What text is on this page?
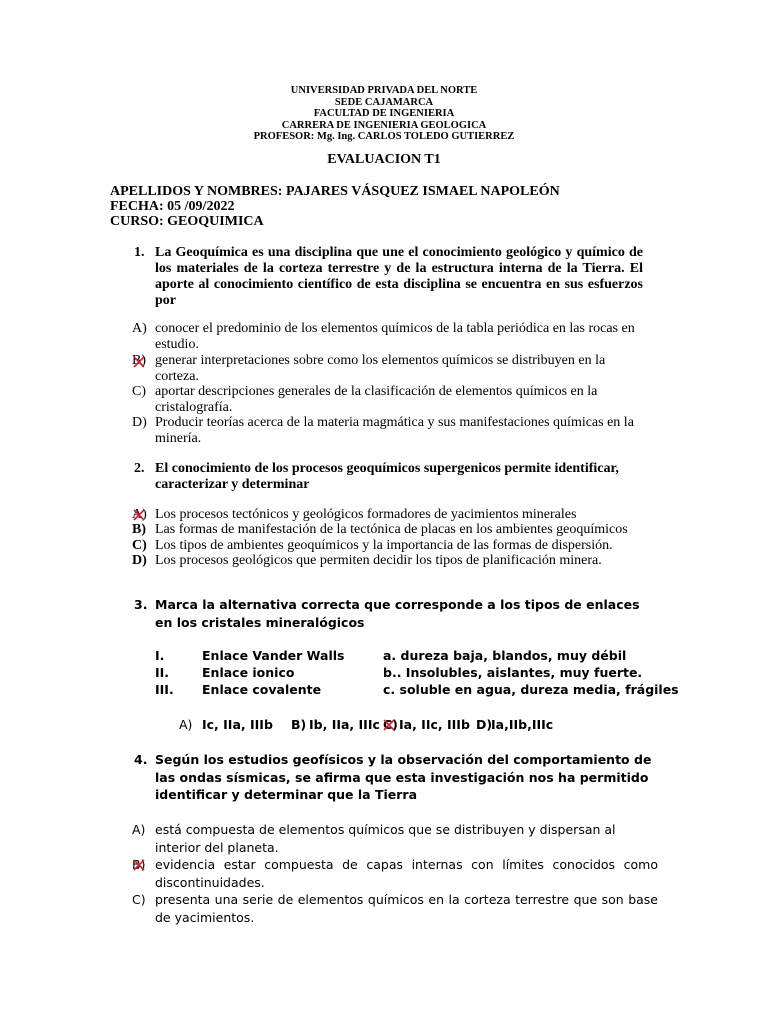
UNIVERSIDAD PRIVADA DEL NORTE
SEDE CAJAMARCA
FACULTAD DE INGENIERIA
CARRERA DE INGENIERIA GEOLOGICA
PROFESOR: Mg. Ing. CARLOS TOLEDO GUTIERREZ
EVALUACION T1
APELLIDOS Y NOMBRES: PAJARES VÁSQUEZ ISMAEL NAPOLEÓN
FECHA: 05 /09/2022
CURSO: GEOQUIMICA
1. La Geoquímica es una disciplina que une el conocimiento geológico y químico de los materiales de la corteza terrestre y de la estructura interna de la Tierra. El aporte al conocimiento científico de esta disciplina se encuentra en sus esfuerzos por
A) conocer el predominio de los elementos químicos de la tabla periódica en las rocas en estudio.
B) generar interpretaciones sobre como los elementos químicos se distribuyen en la corteza.
C) aportar descripciones generales de la clasificación de elementos químicos en la cristalografía.
D) Producir teorías acerca de la materia magmática y sus manifestaciones químicas en la minería.
2. El conocimiento de los procesos geoquímicos supergenicos permite identificar, caracterizar y determinar
A) Los procesos tectónicos y geológicos formadores de yacimientos minerales
B) Las formas de manifestación de la tectónica de placas en los ambientes geoquímicos
C) Los tipos de ambientes geoquímicos y la importancia de las formas de dispersión.
D) Los procesos geológicos que permiten decidir los tipos de planificación minera.
3. Marca la alternativa correcta que corresponde a los tipos de enlaces en los cristales mineralógicos
I.	Enlace Vander Walls	a. dureza baja, blandos, muy débil
II.	Enlace ionico	b.. Insolubles, aislantes, muy fuerte.
III. Enlace covalente	c. soluble en agua, dureza media, frágiles
A) Ic, IIa, IIIb B) Ib, IIa, IIIc C) Ia, IIc, IIIb D)
Ia,IIb,IIIc
4. Según los estudios geofísicos y la observación del comportamiento de las ondas sísmicas, se afirma que esta investigación nos ha permitido identificar y determinar que la Tierra
A) está compuesta de elementos químicos que se distribuyen y dispersan al interior del planeta.
B) evidencia estar compuesta de capas internas con límites conocidos como discontinuidades.
C) presenta una serie de elementos químicos en la corteza terrestre que son base de yacimientos.
